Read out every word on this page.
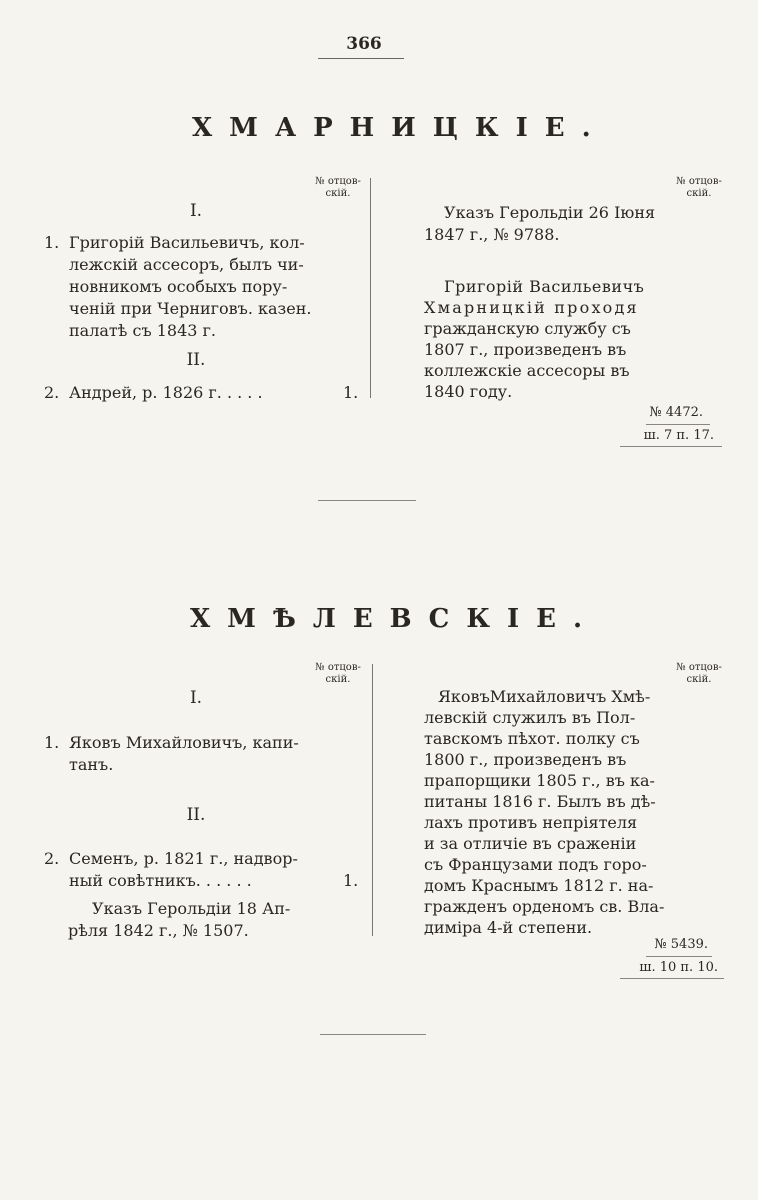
366
ХМАРНИЦКІЕ.
№ отцов-
скій.
№ отцов-
скій.
I.
1. Григорій Васильевичъ, кол-
лежскій ассесоръ, былъ чи-
новникомъ особыхъ пору-
ченій при Черниговъ. казен.
палатѣ съ 1843 г.
II.
2. Андрей, р. 1826 г. . . . .	1.
Указъ Герольдіи 26 Іюня
1847 г., № 9788.
Григорій Васильевичъ
Хмарницкій проходя
гражданскую службу съ
1807 г., произведенъ въ
коллежскіе ассесоры въ
1840 году.
№ 4472.
ш. 7 п. 17.
ХМѢЛЕВСКІЕ.
№ отцов-
скій.
№ отцов-
скій.
I.
1. Яковъ Михайловичъ, капи-
танъ.
II.
2. Семенъ, р. 1821 г., надвор-
ный совѣтникъ. . . . . .	1.
Указъ Герольдіи 18 Ап-
рѣля 1842 г., № 1507.
ЯковъМихайловичъ Хмѣ-
левскій служилъ въ Пол-
тавскомъ пѣхот. полку съ
1800 г., произведенъ въ
прапорщики 1805 г., въ ка-
питаны 1816 г. Былъ въ дѣ-
лахъ противъ непріятеля
и за отличіе въ сраженіи
съ Французами подъ горо-
домъ Краснымъ 1812 г. на-
гражденъ орденомъ св. Вла-
диміра 4-й степени.
№ 5439.
ш. 10 п. 10.
